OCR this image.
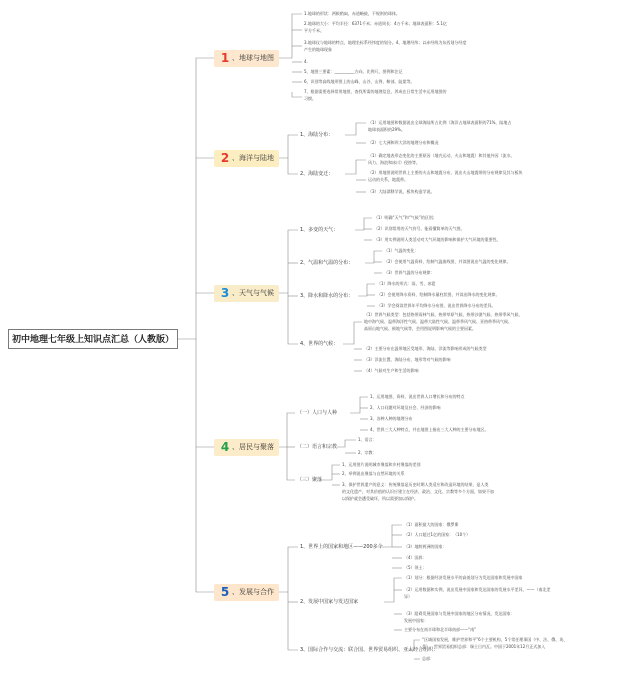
初中地理七年级上知识点汇总（人教版）
1 、地球与地图
2 、海洋与陆地
3 、天气与气候
4 、居民与聚落
5 、发展与合作
1.地球的形状：两极稍扁、赤道略鼓，不规则的球体。
2.地球的大小：平均半径：6371千米；赤道周长：4万千米；地球表面积：5.1亿
平方千米。
3.地球仪与地球的特点，地理坐标系经纬度的划分。4、地理经纬；以赤经线为东西划分经度
产生的地球现象
4.
5、地图三要素：__________方向、比例尺、图例和注记
6、识别等高线地形图上的山峰、山谷、山脊、鞍部、陡崖等。
7、根据需要选择常用地图，查找所需的地理信息，养成在日常生活中运用地图的
习惯。
1、海陆分布：
2、海陆变迁：
（1）运用地图和数据说出全球海陆所占比例（海洋占地球表面积的71%，陆地占
地球表面积的29%。
（2）七大洲和四大洋的地理分布和概况
（1）确定地表形态变化的主要原因（地壳运动、火山和地震）和其他外因（流水、
风力、海浪和冰川）侵蚀等。
（2）用地图说明世界上主要的火山和地震分布，说出火山地震带的分布规律及其与板块
运动的关系，地震带。
（3）大陆漂移学说，板块构造学说。
1、多变的天气：
2、气温和气温的分布：
3、降水和降水的分布：
4、世界的气候：
（1）明确“天气”和“气候”的区别；
（2）识别常用的天气符号，能看懂简单的天气图。
（3）用实例说明人类活动对大气环境的影响和保护大气环境的重要性。
（1）气温的变化：
（2）会使用气温资料，绘制气温曲线图，并读图说出气温的变化规律。
（3）世界气温的分布规律：
（1）降水的形式：雨、雪、冰雹
（2）会使用降水资料，绘制降水量柱状图，并读出降水的变化规律。
（3）学会阅读世界年平均降水分布图，说出世界降水分布的差异。
（1）世界气候类型：包括热带雨林气候、热带草原气候、热带沙漠气候、热带季风气候、
地中海气候、温带海洋性气候、温带大陆性气候、温带季风气候、亚热带季风气候、
高原山地气候、极地气候等，会用图说明影响气候的主要因素。
（2）主要分布在温带地区受地形、海陆、洋流等影响形成的气候类型
（3）洋流位置、海陆分布、地形等对气候的影响
（4）气候对生产和生活的影响
（一）人口与人种
（二）语言和宗教
（三）聚落
1、运用地图、资料，说出世界人口增长和分布的特点
2、人口问题对环境及社会、经济的影响
3、各种人种的地理分布
4、世界三大人种特点，并在地图上指出三大人种的主要分布地区。
1、语言：
2、宗教：
1、运用图片说明城市聚落和乡村聚落的差别
2、举例说出聚落与自然环境的关系
3、保护世界遗产的意义：传统聚落是历史时期人类适应和改造环境的结果，是人类
的文化遗产，对其价值的认识应建立在经济、政治、文化、宗教等多个方面，如果不加
以保护就会遭受破坏，所以需要加以保护。
1、世界上的国家和地区——200多个
2、发展中国家与发达国家
3、国际合作与交流：联合国、世界贸易组织、亚太经合组织：
（1）面积最大的国家：俄罗斯
（2）人口超过1亿的国家：（10个）
（3）地跨两洲的国家：
（4）国界：
（5）领土：
（1）划分：根据经济发展水平的高低划分为发达国家和发展中国家
（2）运用数据和实例，说出发展中国家和发达国家的发展水平差异，——（南北差
异）
（3）阻碍发展国家与发展中国家的地区分布情况，发达国家：
发展中国家：
主要分布在南半球和北半球南部——“南”
“区域国家发展，维护世界和平”6个主要机构，5个常任理事国（中、法、俄、英、
美），世界贸易组织总部：瑞士日内瓦。中国于2001年12月正式加入
总部：
